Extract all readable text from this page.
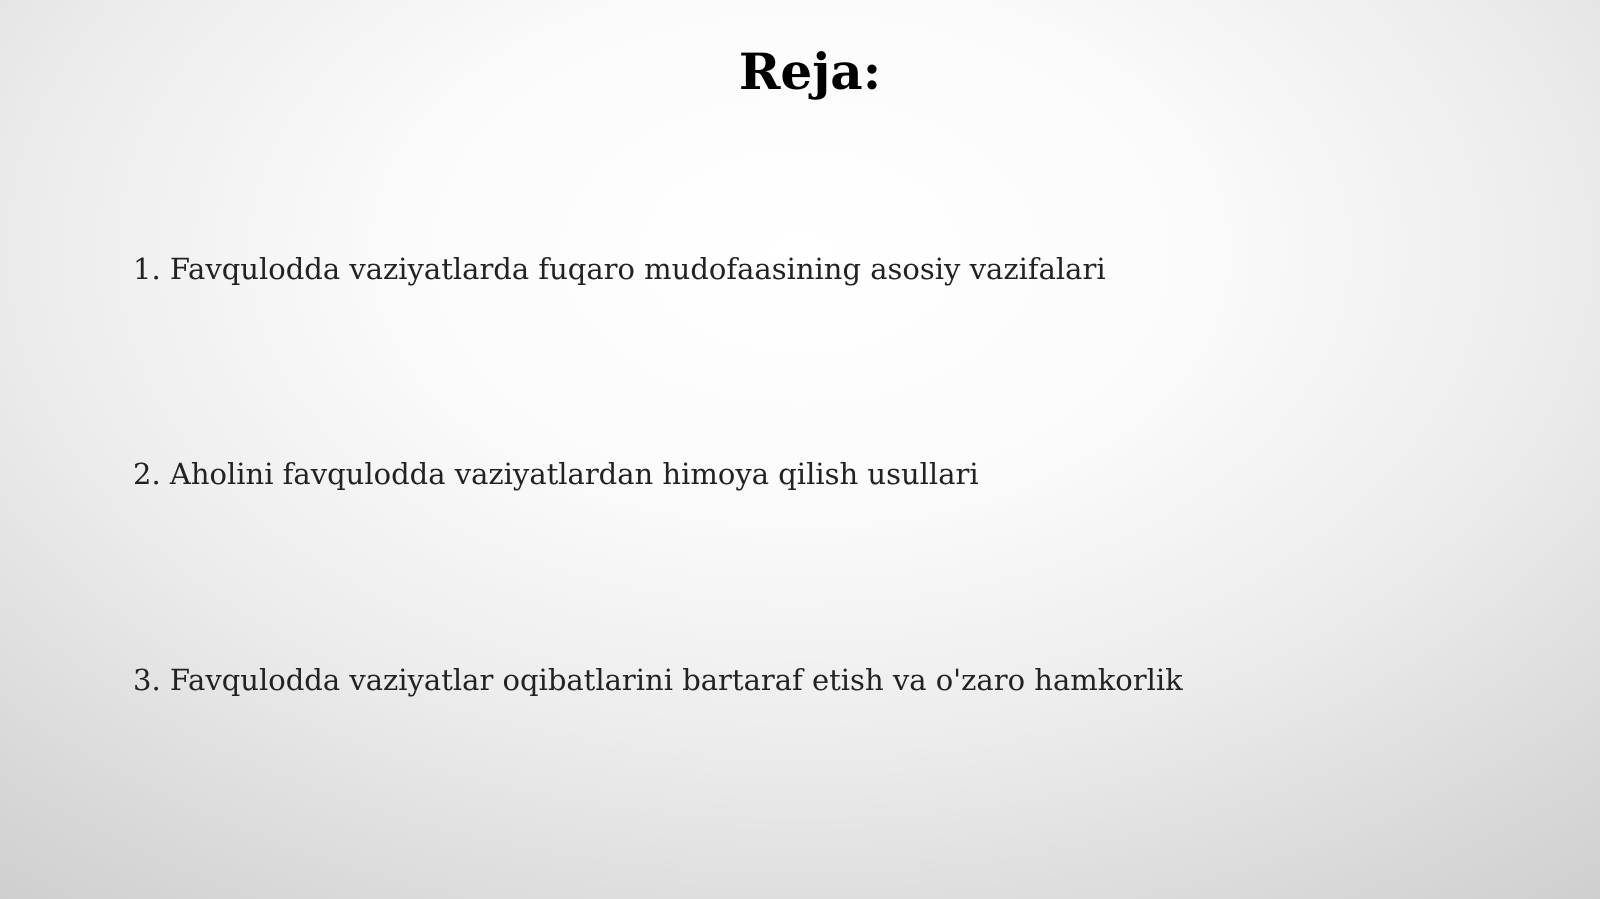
Reja:
1. Favqulodda vaziyatlarda fuqaro mudofaasining asosiy vazifalari
2. Aholini favqulodda vaziyatlardan himoya qilish usullari
3. Favqulodda vaziyatlar oqibatlarini bartaraf etish va o'zaro hamkorlik
